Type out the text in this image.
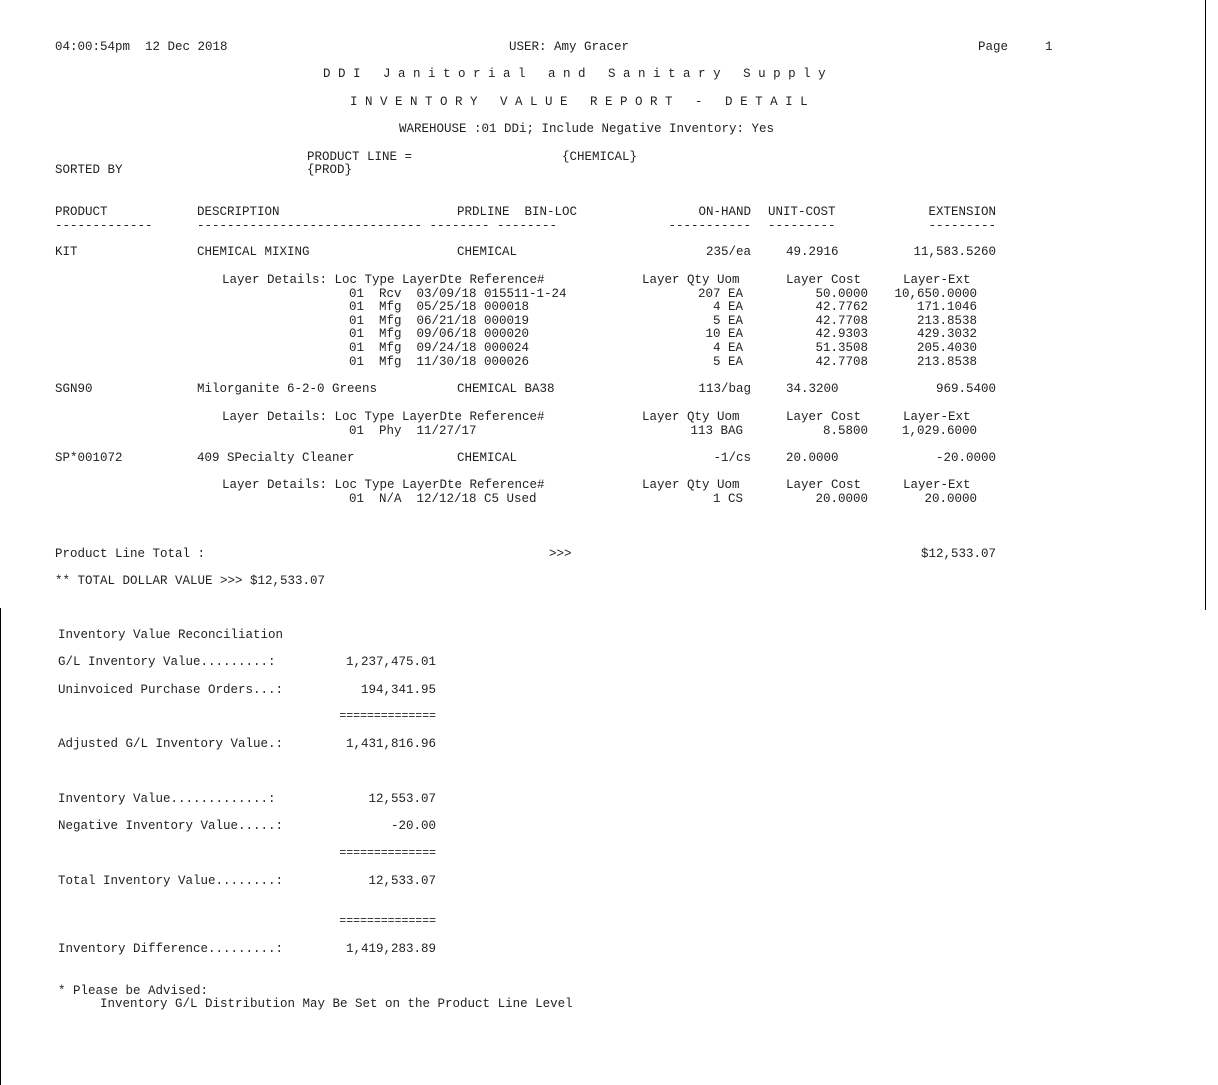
04:00:54pm  12 Dec 2018	USER: Amy Gracer	Page	1
D D I   J a n i t o r i a l   a n d   S a n i t a r y   S u p p l y
I N V E N T O R Y   V A L U E   R E P O R T   -   D E T A I L
WAREHOUSE :01 DDi; Include Negative Inventory: Yes
PRODUCT LINE =	{CHEMICAL}
{PROD}
SORTED BY
PRODUCT	DESCRIPTION	PRDLINE  BIN-LOC	ON-HAND UNIT-COST	EXTENSION
-------------	------------------------------ -------- --------	----------- ---------	---------
KIT	CHEMICAL MIXING	CHEMICAL	235/ea	49.2916	11,583.5260
Layer Details: Loc Type LayerDte Reference#	Layer Qty Uom	Layer Cost	Layer-Ext
01  Rcv  03/09/18 015511-1-24	207 EA	50.0000 10,650.0000
01  Mfg  05/25/18 000018	4 EA	42.7762	171.1046
01  Mfg  06/21/18 000019	5 EA	42.7708	213.8538
01  Mfg  09/06/18 000020	10 EA	42.9303	429.3032
01  Mfg  09/24/18 000024	4 EA	51.3508	205.4030
01  Mfg  11/30/18 000026	5 EA	42.7708	213.8538
SGN90	Milorganite 6-2-0 Greens	CHEMICAL BA38	113/bag	34.3200	969.5400
Layer Details: Loc Type LayerDte Reference#	Layer Qty Uom	Layer Cost	Layer-Ext
01  Phy  11/27/17	113 BAG	8.5800	1,029.6000
SP*001072	409 SPecialty Cleaner	CHEMICAL	-1/cs	20.0000	-20.0000
Layer Details: Loc Type LayerDte Reference#	Layer Qty Uom	Layer Cost	Layer-Ext
01  N/A  12/12/18 C5 Used	1 CS	20.0000	20.0000
Product Line Total :	>>>	$12,533.07
** TOTAL DOLLAR VALUE >>> $12,533.07
Inventory Value Reconciliation
G/L Inventory Value.........:	1,237,475.01
Uninvoiced Purchase Orders...:	194,341.95
==============
Adjusted G/L Inventory Value.:	1,431,816.96
Inventory Value.............:	12,553.07
Negative Inventory Value.....:	-20.00
==============
Total Inventory Value........:	12,533.07
==============
Inventory Difference.........:	1,419,283.89
* Please be Advised:
Inventory G/L Distribution May Be Set on the Product Line Level
